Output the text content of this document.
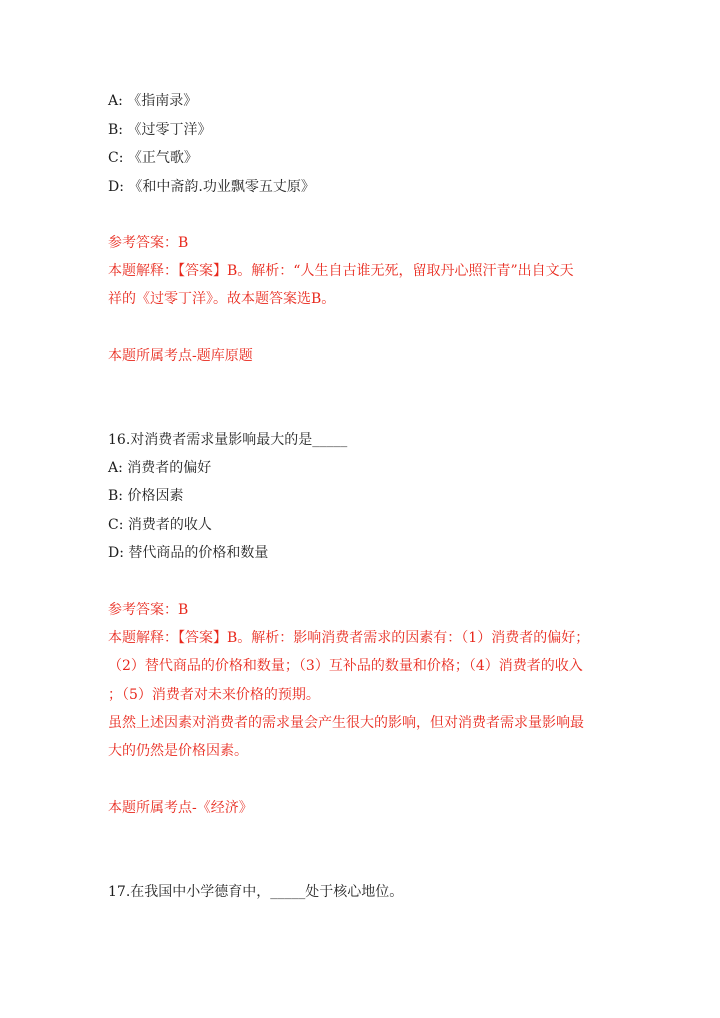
A: 《指南录》
B: 《过零丁洋》
C: 《正气歌》
D: 《和中斋韵.功业飘零五丈原》
参考答案：B
本题解释：【答案】B。解析：“人生自古谁无死，留取丹心照汗青”出自文天
祥的《过零丁洋》。故本题答案选B。
本题所属考点-题库原题
16.对消费者需求量影响最大的是_____
A: 消费者的偏好
B: 价格因素
C: 消费者的收人
D: 替代商品的价格和数量
参考答案：B
本题解释：【答案】B。解析：影响消费者需求的因素有：（1）消费者的偏好；
（2）替代商品的价格和数量；（3）互补品的数量和价格；（4）消费者的收入
；（5）消费者对未来价格的预期。
虽然上述因素对消费者的需求量会产生很大的影响，但对消费者需求量影响最
大的仍然是价格因素。
本题所属考点-《经济》
17.在我国中小学德育中，_____处于核心地位。
